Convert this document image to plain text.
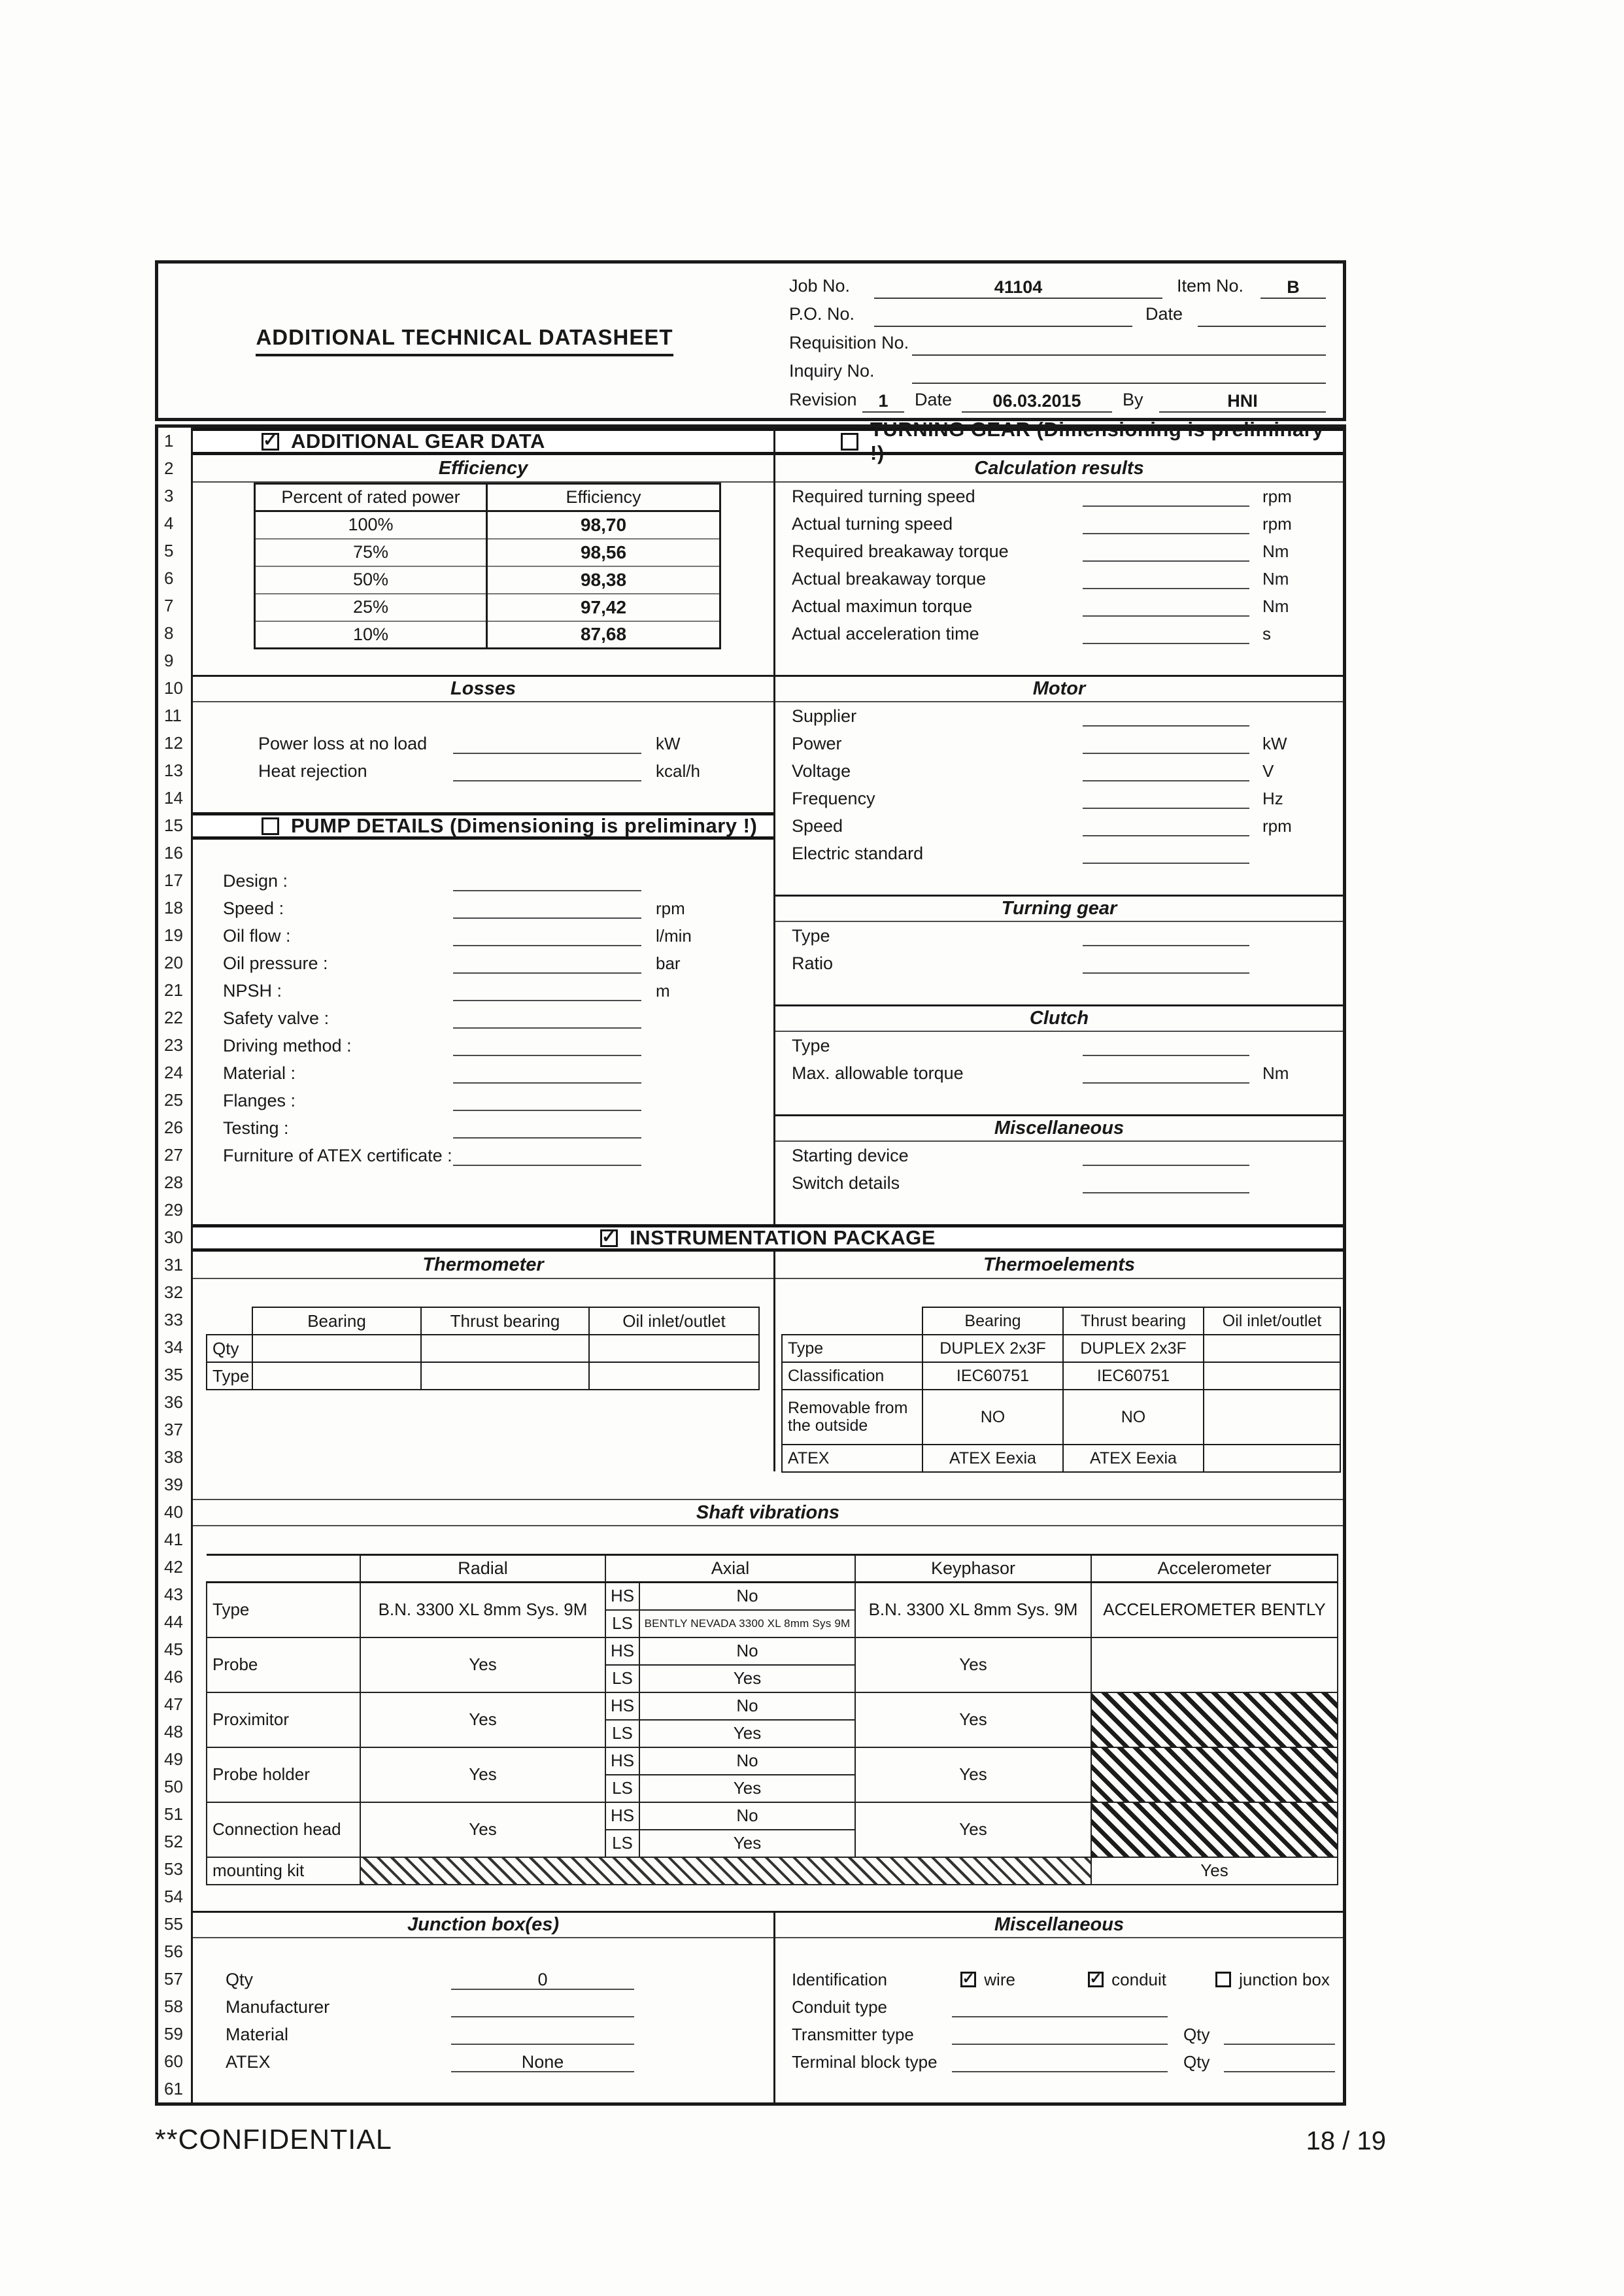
ADDITIONAL TECHNICAL DATASHEET
Job No.	41104	Item No.	B
P.O. No.	Date
Requisition No.
Inquiry No.
Revision	1	Date	06.03.2015	By	HNI
1
2
3
4
5
6
7
8
9
10
11
12
13
14
15
16
17
18
19
20
21
22
23
24
25
26
27
28
29
30
31
32
33
34
35
36
37
38
39
40
41
42
43
44
45
46
47
48
49
50
51
52
53
54
55
56
57
58
59
60
61
✓
ADDITIONAL GEAR DATA
TURNING GEAR (Dimensioning is preliminary !)
Efficiency	Calculation results
Percent of rated power	Efficiency
100%	98,70
75%	98,56
50%	98,38
25%	97,42
10%	87,68
Required turning speed	rpm
Actual turning speed	rpm
Required breakaway torque	Nm
Actual breakaway torque	Nm
Actual maximun torque	Nm
Actual acceleration time	s
Losses
Power loss at no load	kW
Heat rejection	kcal/h
Motor
Supplier
Power	kW
Voltage	V
Frequency	Hz
Speed	rpm
Electric standard
PUMP DETAILS (Dimensioning is preliminary !)
Design :
Speed :	rpm
Oil flow :	l/min
Oil pressure :	bar
NPSH :	m
Safety valve :
Driving method :
Material :
Flanges :
Testing :
Furniture of ATEX certificate :
Turning gear
Type
Ratio
Clutch
Type
Max. allowable torque	Nm
Miscellaneous
Starting device
Switch details
✓
INSTRUMENTATION PACKAGE
Thermometer	Thermoelements
	Bearing	Thrust bearing	Oil inlet/outlet
Qty			
Type			
	Bearing	Thrust bearing	Oil inlet/outlet
Type	DUPLEX 2x3F	DUPLEX 2x3F	
Classification	IEC60751	IEC60751	
Removable from the outside	NO	NO	
ATEX	ATEX Eexia	ATEX Eexia	
Shaft vibrations
	Radial	Axial		Keyphasor	Accelerometer
Type	B.N. 3300 XL 8mm Sys. 9M	HS	No	B.N. 3300 XL 8mm Sys. 9M	ACCELEROMETER BENTLY
		LS	BENTLY NEVADA 3300 XL 8mm Sys 9M		
Probe	Yes	HS	No	Yes	
		LS	Yes		
Proximitor	Yes	HS	No	Yes	
		LS	Yes		
Probe holder	Yes	HS	No	Yes	
		LS	Yes		
Connection head	Yes	HS	No	Yes	
		LS	Yes		
mounting kit					Yes
Junction box(es)
Qty	0
Manufacturer
Material
ATEX	None
Miscellaneous
Identification ✓	wire ✓	conduit	junction box
Conduit type
Transmitter type	Qty
Terminal block type	Qty
**CONFIDENTIAL	18 / 19
